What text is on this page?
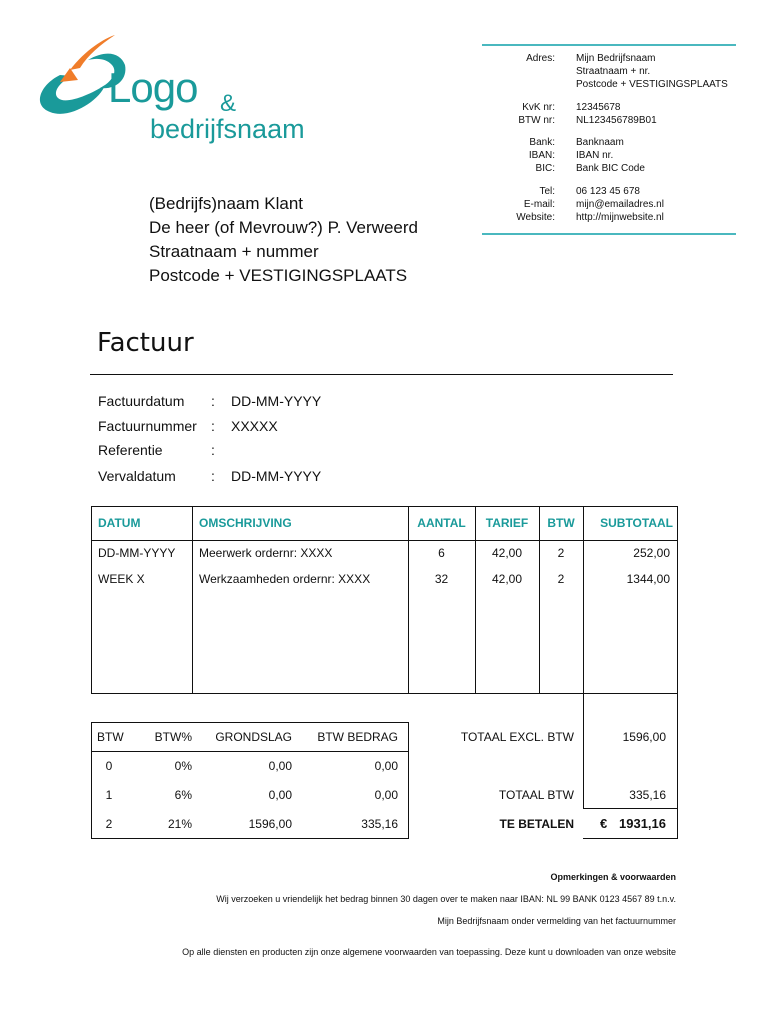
Logo &
bedrijfsnaam
Adres: Mijn Bedrijfsnaam
Straatnaam + nr.
Postcode + VESTIGINGSPLAATS
KvK nr: 12345678
BTW nr: NL123456789B01
Bank: Banknaam
IBAN: IBAN nr.
BIC: Bank BIC Code
Tel: 06 123 45 678
E-mail: mijn@emailadres.nl
Website: http://mijnwebsite.nl
(Bedrijfs)naam Klant
De heer (of Mevrouw?) P. Verweerd
Straatnaam + nummer
Postcode + VESTIGINGSPLAATS
Factuur
Factuurdatum	: DD-MM-YYYY
Factuurnummer	: XXXXX
Referentie	:
Vervaldatum	: DD-MM-YYYY
DATUM	OMSCHRIJVING	AANTAL	TARIEF	BTW	SUBTOTAAL
DD-MM-YYYY Meerwerk ordernr: XXXX	6	42,00	2	252,00
WEEK X	Werkzaamheden ordernr: XXXX	32	42,00	2	1344,00
BTW	BTW%	GRONDSLAG	BTW BEDRAG
0	0%	0,00	0,00
1	6%	0,00	0,00
2	21%	1596,00	335,16
TOTAAL EXCL. BTW	1596,00
TOTAAL BTW	335,16
TE BETALEN € 1931,16
Opmerkingen & voorwaarden
Wij verzoeken u vriendelijk het bedrag binnen 30 dagen over te maken naar IBAN: NL 99 BANK 0123 4567 89 t.n.v.
Mijn Bedrijfsnaam onder vermelding van het factuurnummer
Op alle diensten en producten zijn onze algemene voorwaarden van toepassing. Deze kunt u downloaden van onze website
